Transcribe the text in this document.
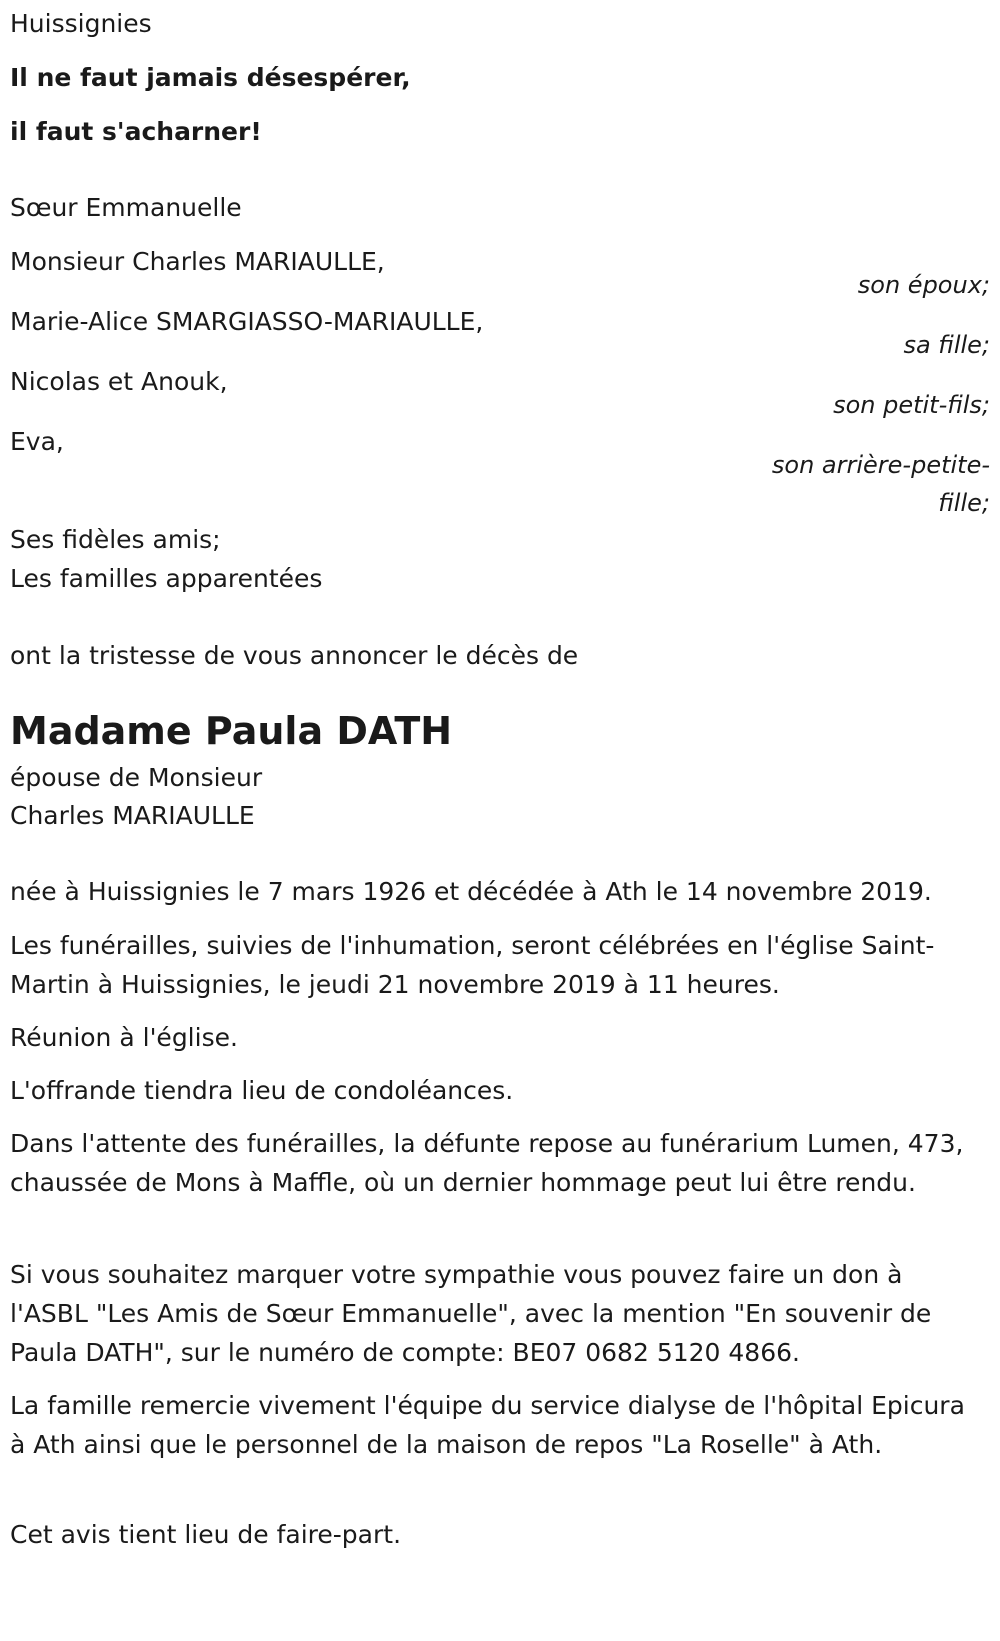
Huissignies
Il ne faut jamais désespérer,
il faut s'acharner!
Sœur Emmanuelle
Monsieur Charles MARIAULLE,
son époux;
Marie-Alice SMARGIASSO-MARIAULLE,
sa fille;
Nicolas et Anouk,
son petit-fils;
Eva,
son arrière-petite-fille;
Ses fidèles amis;
Les familles apparentées
ont la tristesse de vous annoncer le décès de
Madame Paula DATH
épouse de Monsieur
Charles MARIAULLE
née à Huissignies le 7 mars 1926 et décédée à Ath le 14 novembre 2019.
Les funérailles, suivies de l'inhumation, seront célébrées en l'église Saint-Martin à Huissignies, le jeudi 21 novembre 2019 à 11 heures.
Réunion à l'église.
L'offrande tiendra lieu de condoléances.
Dans l'attente des funérailles, la défunte repose au funérarium Lumen, 473, chaussée de Mons à Maffle, où un dernier hommage peut lui être rendu.
Si vous souhaitez marquer votre sympathie vous pouvez faire un don à l'ASBL "Les Amis de Sœur Emmanuelle", avec la mention "En souvenir de Paula DATH", sur le numéro de compte: BE07 0682 5120 4866.
La famille remercie vivement l'équipe du service dialyse de l'hôpital Epicura à Ath ainsi que le personnel de la maison de repos "La Roselle" à Ath.
Cet avis tient lieu de faire-part.
